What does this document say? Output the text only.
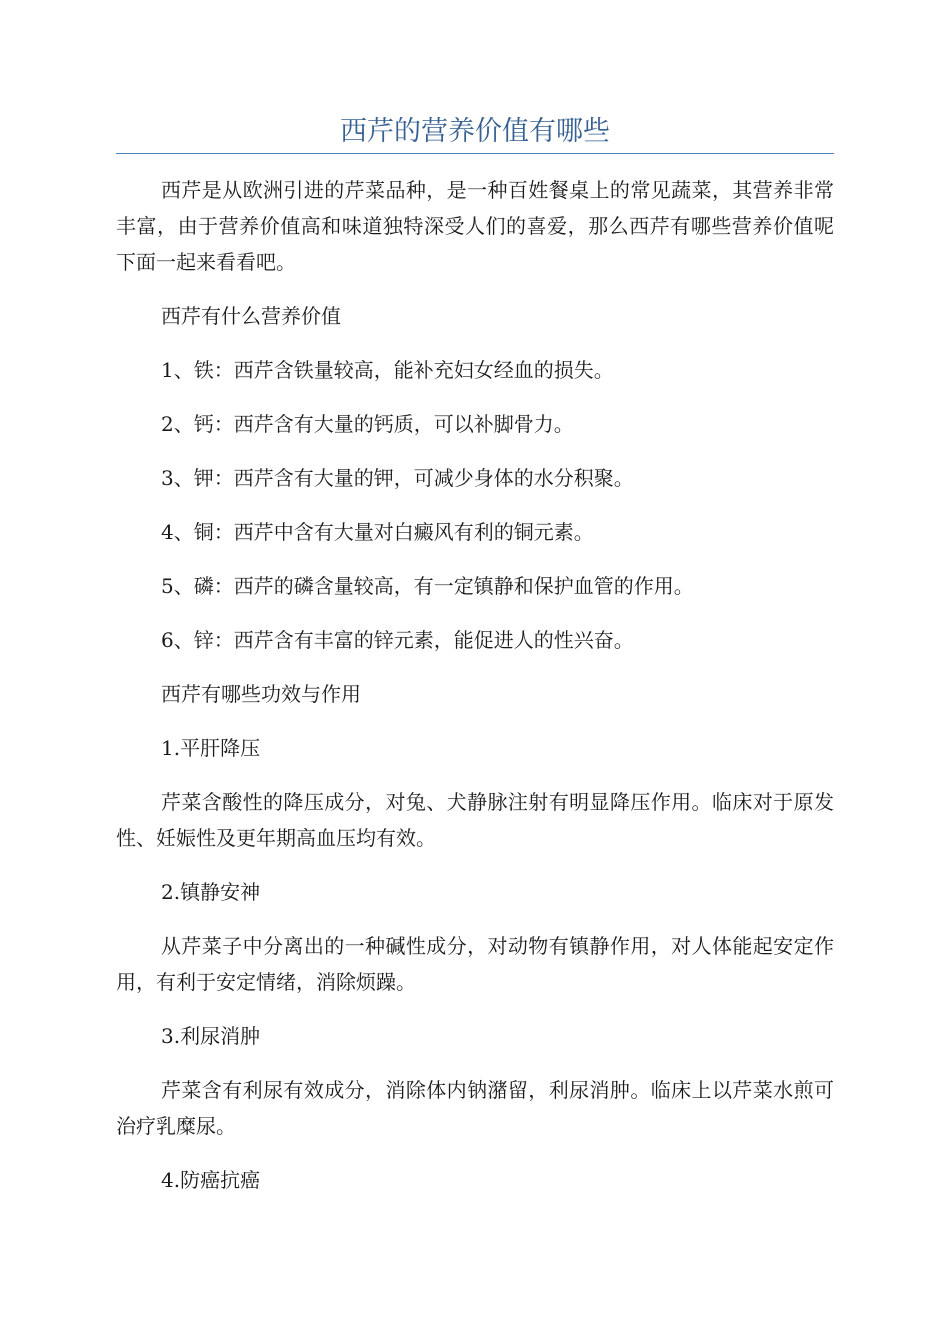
西芹的营养价值有哪些

西芹是从欧洲引进的芹菜品种，是一种百姓餐桌上的常见蔬菜，其营养非常丰富，由于营养价值高和味道独特深受人们的喜爱，那么西芹有哪些营养价值呢下面一起来看看吧。

西芹有什么营养价值

1、铁：西芹含铁量较高，能补充妇女经血的损失。

2、钙：西芹含有大量的钙质，可以补脚骨力。

3、钾：西芹含有大量的钾，可减少身体的水分积聚。

4、铜：西芹中含有大量对白癜风有利的铜元素。

5、磷：西芹的磷含量较高，有一定镇静和保护血管的作用。

6、锌：西芹含有丰富的锌元素，能促进人的性兴奋。

西芹有哪些功效与作用

1.平肝降压

芹菜含酸性的降压成分，对兔、犬静脉注射有明显降压作用。临床对于原发性、妊娠性及更年期高血压均有效。

2.镇静安神

从芹菜子中分离出的一种碱性成分，对动物有镇静作用，对人体能起安定作用，有利于安定情绪，消除烦躁。

3.利尿消肿

芹菜含有利尿有效成分，消除体内钠潴留，利尿消肿。临床上以芹菜水煎可治疗乳糜尿。

4.防癌抗癌
